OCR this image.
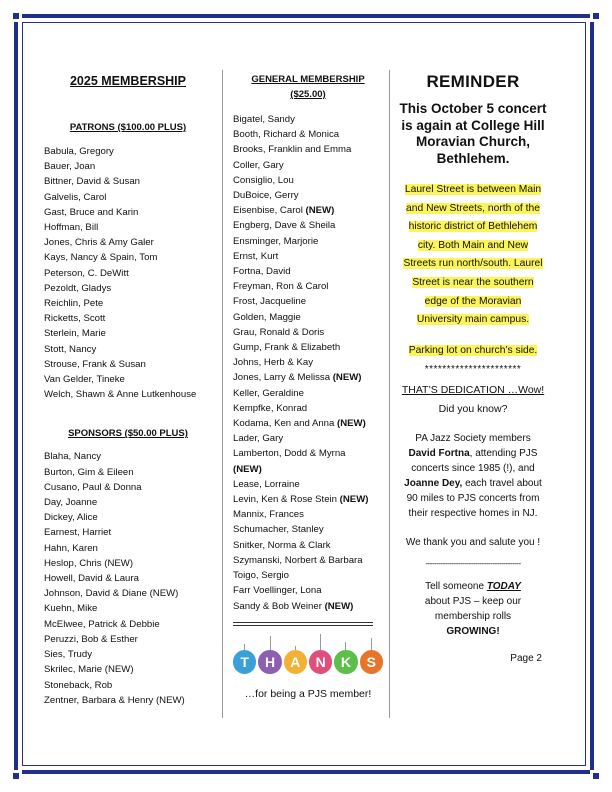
2025 MEMBERSHIP
PATRONS ($100.00 PLUS)
Babula, Gregory
Bauer, Joan
Bittner, David & Susan
Galvelis, Carol
Gast, Bruce and Karin
Hoffman, Bill
Jones, Chris & Amy Galer
Kays, Nancy & Spain, Tom
Peterson, C. DeWitt
Pezoldt, Gladys
Reichlin, Pete
Ricketts, Scott
Sterlein, Marie
Stott, Nancy
Strouse, Frank & Susan
Van Gelder, Tineke
Welch, Shawn & Anne Lutkenhouse
SPONSORS ($50.00 PLUS)
Blaha, Nancy
Burton, Gim & Eileen
Cusano, Paul & Donna
Day, Joanne
Dickey, Alice
Earnest, Harriet
Hahn, Karen
Heslop, Chris (NEW)
Howell, David & Laura
Johnson, David & Diane (NEW)
Kuehn, Mike
McElwee, Patrick & Debbie
Peruzzi, Bob & Esther
Sies, Trudy
Skrilec, Marie (NEW)
Stoneback, Rob
Zentner, Barbara & Henry (NEW)
GENERAL MEMBERSHIP
($25.00)
Bigatel, Sandy
Booth, Richard & Monica
Brooks, Franklin and Emma
Coller, Gary
Consiglio, Lou
DuBoice, Gerry
Eisenbise, Carol (NEW)
Engberg, Dave & Sheila
Ensminger, Marjorie
Ernst, Kurt
Fortna, David
Freyman, Ron & Carol
Frost, Jacqueline
Golden, Maggie
Grau, Ronald & Doris
Gump, Frank & Elizabeth
Johns, Herb & Kay
Jones, Larry & Melissa (NEW)
Keller, Geraldine
Kempfke, Konrad
Kodama, Ken and Anna (NEW)
Lader, Gary
Lamberton, Dodd & Myrna
(NEW)
Lease, Lorraine
Levin, Ken & Rose Stein (NEW)
Mannix, Frances
Schumacher, Stanley
Snitker, Norma & Clark
Szymanski, Norbert & Barbara
Toigo, Sergio
Farr Voellinger, Lona
Sandy & Bob Weiner (NEW)
T	H	A	N	K	S
…for being a PJS member!
REMINDER
This October 5 concert is again at College Hill Moravian Church, Bethlehem.
Laurel Street is between Main and New Streets, north of the historic district of Bethlehem city. Both Main and New Streets run north/south. Laurel Street is near the southern edge of the Moravian University main campus.
Parking lot on church’s side.
**********************
THAT’S DEDICATION …Wow!
Did you know?
PA Jazz Society members David Fortna, attending PJS concerts since 1985 (!), and Joanne Dey, each travel about 90 miles to PJS concerts from their respective homes in NJ.
We thank you and salute you !
--------------------------------------------
Tell someone TODAY about PJS – keep our membership rolls GROWING!
Page 2
